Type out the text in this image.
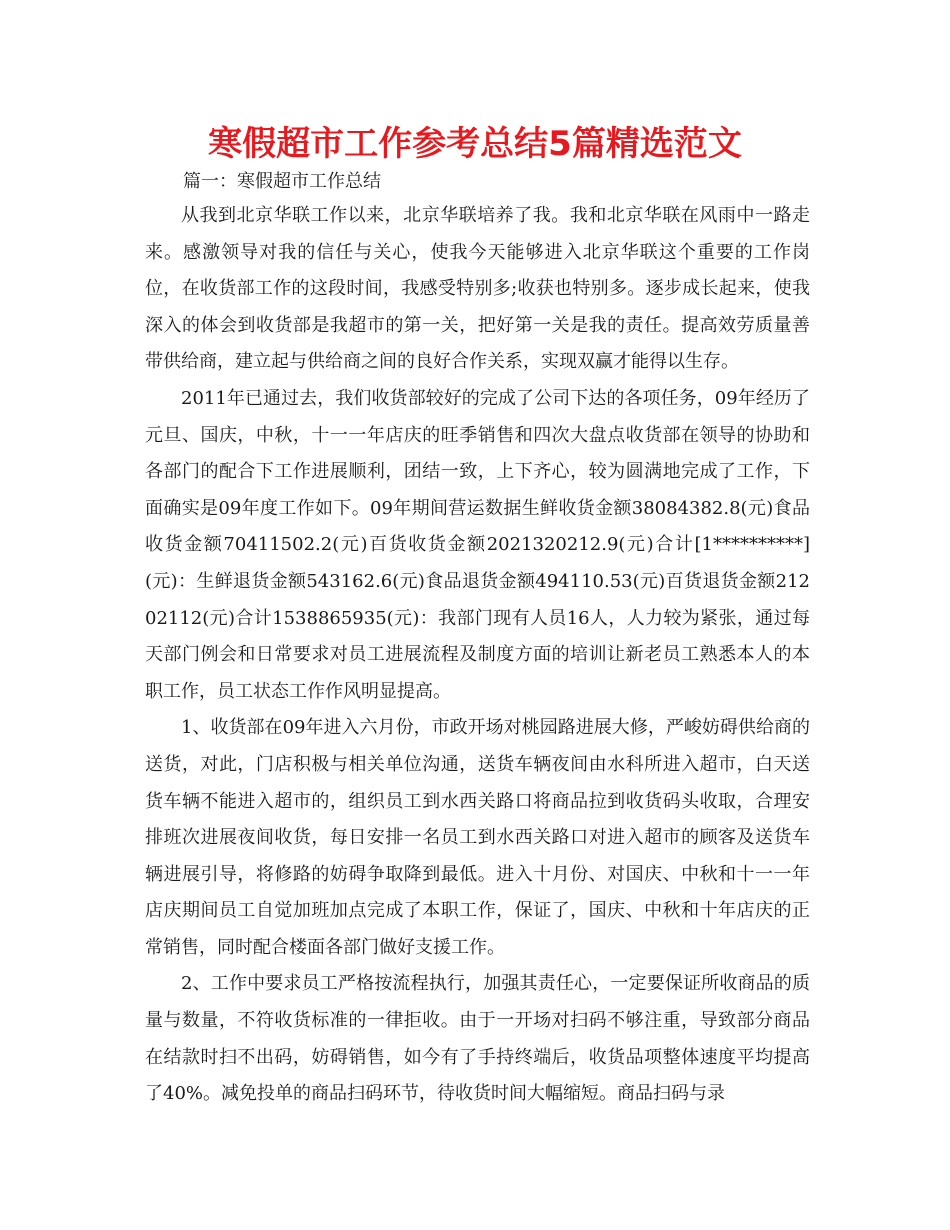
寒假超市工作参考总结5篇精选范文

篇一：寒假超市工作总结

从我到北京华联工作以来，北京华联培养了我。我和北京华联在风雨中一路走来。感激领导对我的信任与关心，使我今天能够进入北京华联这个重要的工作岗位，在收货部工作的这段时间，我感受特别多;收获也特别多。逐步成长起来，使我深入的体会到收货部是我超市的第一关，把好第一关是我的责任。提高效劳质量善带供给商，建立起与供给商之间的良好合作关系，实现双赢才能得以生存。

2011年已通过去，我们收货部较好的完成了公司下达的各项任务，09年经历了元旦、国庆，中秋，十一一年店庆的旺季销售和四次大盘点收货部在领导的协助和各部门的配合下工作进展顺利，团结一致，上下齐心，较为圆满地完成了工作，下面确实是09年度工作如下。09年期间营运数据生鲜收货金额38084382.8(元)食品收货金额70411502.2(元)百货收货金额2021320212.9(元)合计[1**********](元)：生鲜退货金额543162.6(元)食品退货金额494110.53(元)百货退货金额21202112(元)合计1538865935(元)：我部门现有人员16人，人力较为紧张，通过每天部门例会和日常要求对员工进展流程及制度方面的培训让新老员工熟悉本人的本职工作，员工状态工作作风明显提高。

1、收货部在09年进入六月份，市政开场对桃园路进展大修，严峻妨碍供给商的送货，对此，门店积极与相关单位沟通，送货车辆夜间由水科所进入超市，白天送货车辆不能进入超市的，组织员工到水西关路口将商品拉到收货码头收取，合理安排班次进展夜间收货，每日安排一名员工到水西关路口对进入超市的顾客及送货车辆进展引导，将修路的妨碍争取降到最低。进入十月份、对国庆、中秋和十一一年店庆期间员工自觉加班加点完成了本职工作，保证了，国庆、中秋和十年店庆的正常销售，同时配合楼面各部门做好支援工作。

2、工作中要求员工严格按流程执行，加强其责任心，一定要保证所收商品的质量与数量，不符收货标准的一律拒收。由于一开场对扫码不够注重，导致部分商品在结款时扫不出码，妨碍销售，如今有了手持终端后，收货品项整体速度平均提高了40%。减免投单的商品扫码环节，待收货时间大幅缩短。商品扫码与录
